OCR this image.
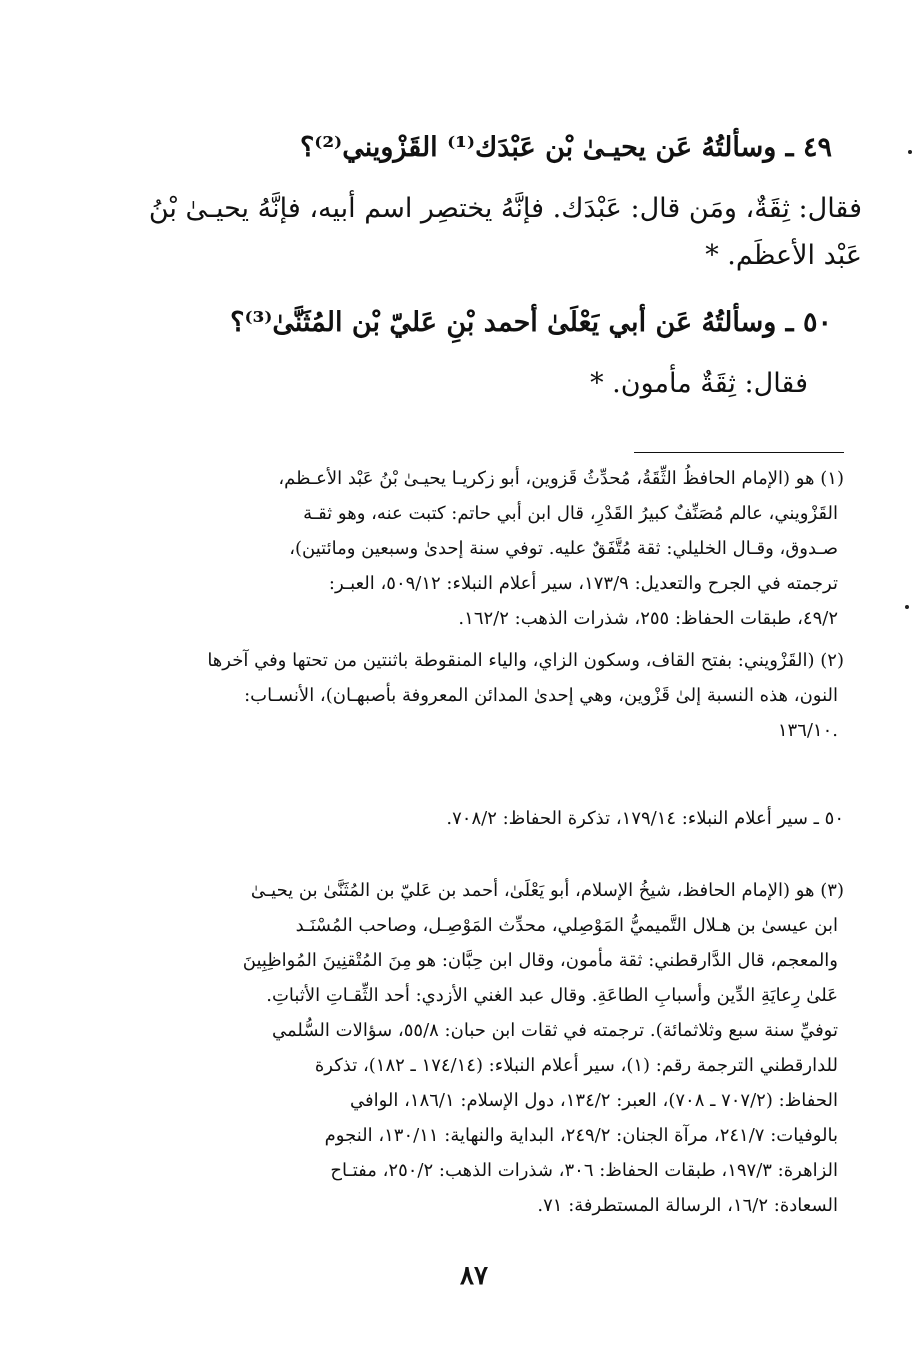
٤٩ ـ وسألتُهُ عَن يحيـىٰ بْن عَبْدَك⁽¹⁾ القَزْويني⁽²⁾؟
فقال: ثِقَةٌ، ومَن قال: عَبْدَك. فإنَّهُ يختصِر اسم أبيه، فإنَّهُ يحيـىٰ بْنُ
عَبْد الأعظَم. *
٥٠ ـ وسألتُهُ عَن أبي يَعْلَىٰ أحمد بْنِ عَليّ بْن المُثَنَّىٰ⁽³⁾؟
فقال: ثِقَةٌ مأمون. *
(١) هو (الإمام الحافظُ الثِّقَةُ، مُحدِّثُ قَزوين، أبو زكريـا يحيـىٰ بْنُ عَبْد الأعـظم،
القَزْويني، عالم مُصَنِّفٌ كبيرُ القَدْرِ، قال ابن أبي حاتم: كتبت عنه، وهو ثقـة
صـدوق، وقـال الخليلي: ثقة مُتَّفَقٌ عليه. توفي سنة إحدىٰ وسبعين ومائتين)،
ترجمته في الجرح والتعديل: ١٧٣/٩، سير أعلام النبلاء: ٥٠٩/١٢، العبـر:
٤٩/٢، طبقات الحفاظ: ٢٥٥، شذرات الذهب: ١٦٢/٢.
(٢) (القَزْويني: بفتح القاف، وسكون الزاي، والياء المنقوطة باثنتين من تحتها وفي آخرها
النون، هذه النسبة إلىٰ قَزْوين، وهي إحدىٰ المدائن المعروفة بأصبهـان)، الأنسـاب:
١٣٦/١٠.
٥٠ ـ سير أعلام النبلاء: ١٧٩/١٤، تذكرة الحفاظ: ٧٠٨/٢.
(٣) هو (الإمام الحافظ، شيخُ الإسلام، أبو يَعْلَىٰ، أحمد بن عَليّ بن المُثَنَّىٰ بن يحيـىٰ
ابن عيسىٰ بن هـلال التَّميميُّ المَوْصِلي، محدِّث المَوْصِـل، وصاحب المُسْنَـد
والمعجم، قال الدَّارقطني: ثقة مأمون، وقال ابن حِبَّان: هو مِنَ المُتْقنِينَ المُواظِبِينَ
عَلىٰ رِعايَةِ الدِّين وأسبابِ الطاعَةِ. وقال عبد الغني الأزدي: أحد الثِّقـاتِ الأثباتِ.
توفيِّ سنة سبع وثلاثمائة). ترجمته في ثقات ابن حبان: ٥٥/٨، سؤالات السُّلمي
للدارقطني الترجمة رقم: (١)، سير أعلام النبلاء: (١٧٤/١٤ ـ ١٨٢)، تذكرة
الحفاظ: (٧٠٧/٢ ـ ٧٠٨)، العبر: ١٣٤/٢، دول الإسلام: ١٨٦/١، الوافي
بالوفيات: ٢٤١/٧، مرآة الجنان: ٢٤٩/٢، البداية والنهاية: ١٣٠/١١، النجوم
الزاهرة: ١٩٧/٣، طبقات الحفاظ: ٣٠٦، شذرات الذهب: ٢٥٠/٢، مفتـاح
السعادة: ١٦/٢، الرسالة المستطرفة: ٧١.
٨٧
